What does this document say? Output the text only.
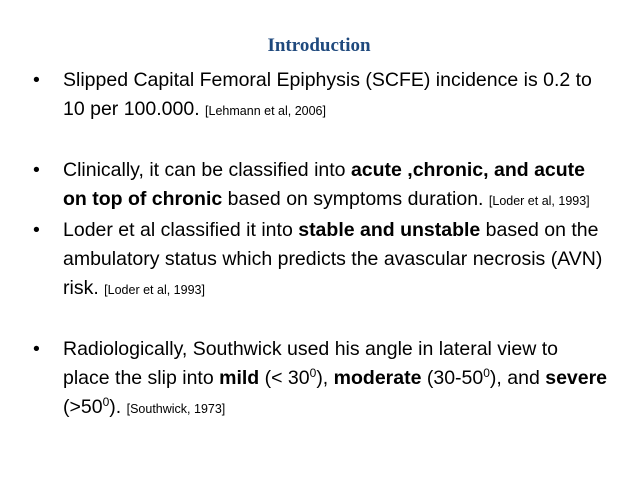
Introduction
• Slipped Capital Femoral Epiphysis (SCFE) incidence is 0.2 to 10 per 100.000. [Lehmann et al, 2006]
• Clinically, it can be classified into acute ,chronic, and acute on top of chronic based on symptoms duration. [Loder et al, 1993]
• Loder et al classified it into stable and unstable based on the ambulatory status which predicts the avascular necrosis (AVN) risk. [Loder et al, 1993]
• Radiologically, Southwick used his angle in lateral view to place the slip into mild (< $30^0$), moderate $(30-50^0)$, and severe $(>50^0)$. [Southwick, 1973]
